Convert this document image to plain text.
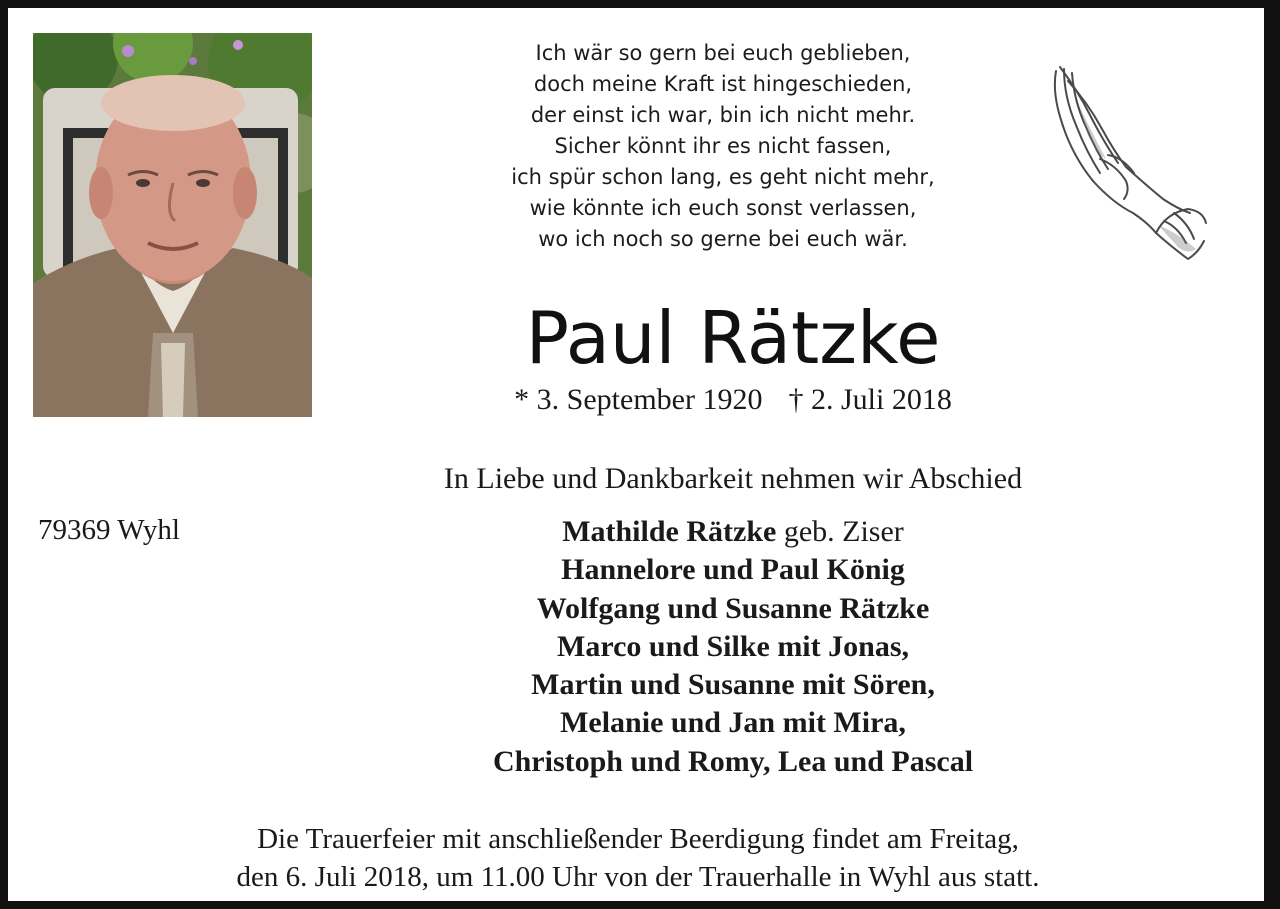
Ich wär so gern bei euch geblieben,
doch meine Kraft ist hingeschieden,
der einst ich war, bin ich nicht mehr.
Sicher könnt ihr es nicht fassen,
ich spür schon lang, es geht nicht mehr,
wie könnte ich euch sonst verlassen,
wo ich noch so gerne bei euch wär.
Paul Rätzke
* 3. September 1920 † 2. Juli 2018
In Liebe und Dankbarkeit nehmen wir Abschied
79369 Wyhl	Mathilde Rätzke geb. Ziser
Hannelore und Paul König
Wolfgang und Susanne Rätzke
Marco und Silke mit Jonas,
Martin und Susanne mit Sören,
Melanie und Jan mit Mira,
Christoph und Romy, Lea und Pascal
Die Trauerfeier mit anschließender Beerdigung findet am Freitag,
den 6. Juli 2018, um 11.00 Uhr von der Trauerhalle in Wyhl aus statt.
